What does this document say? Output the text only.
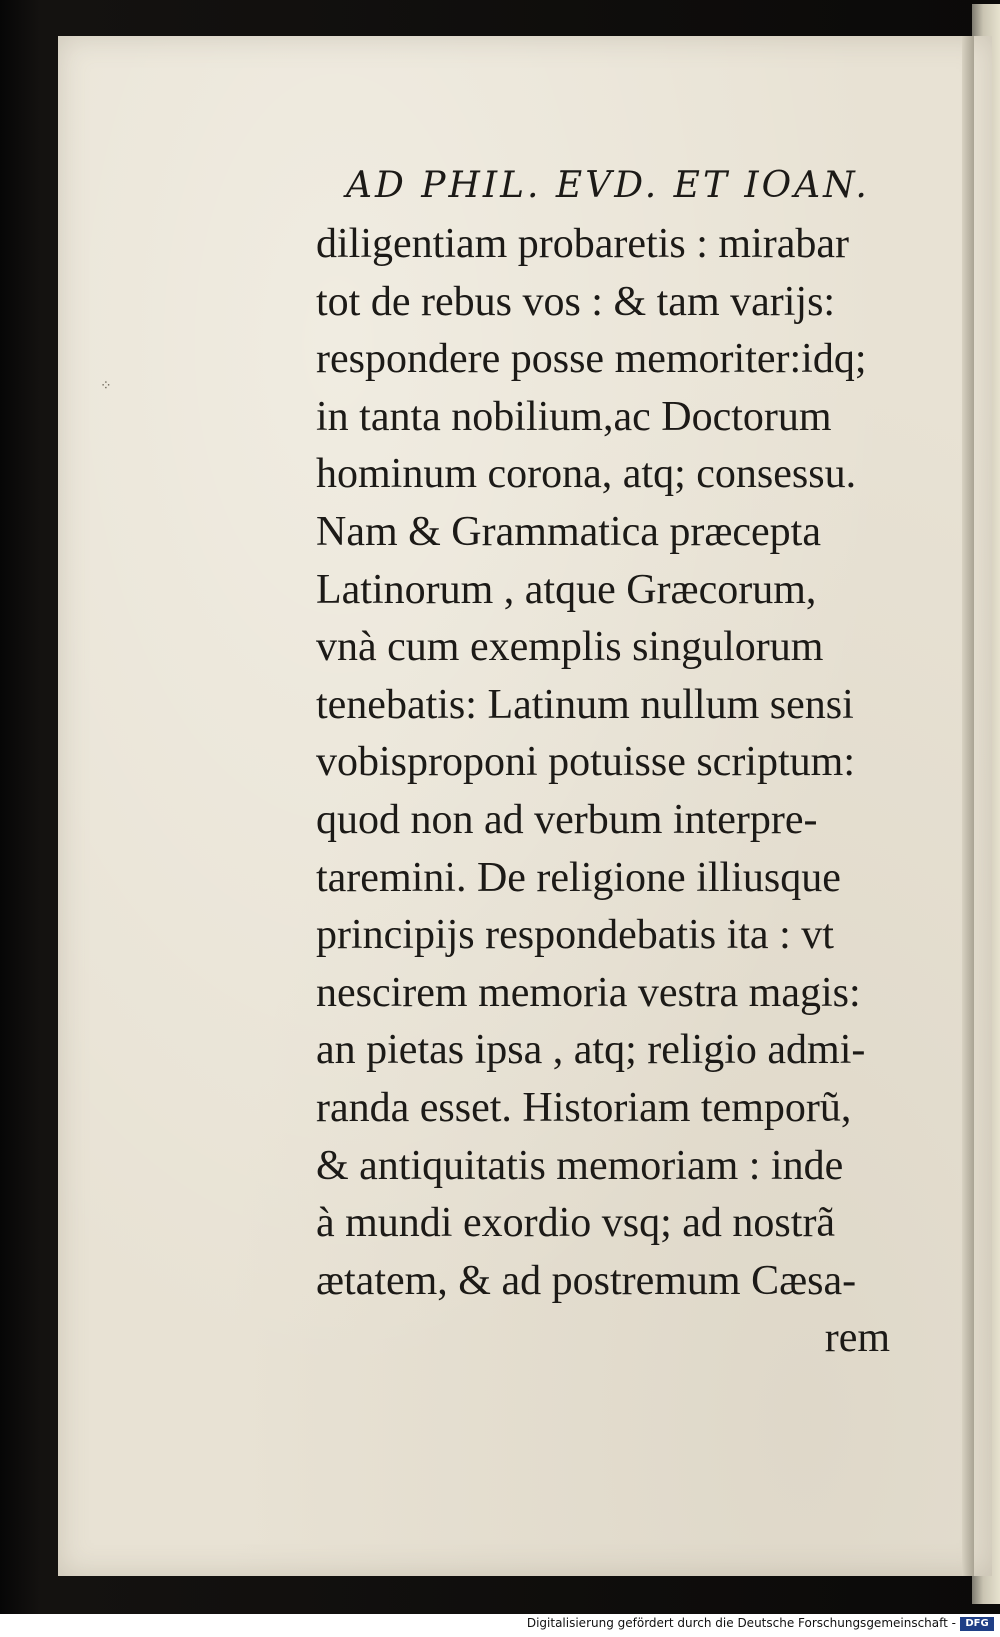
⁘
AD PHIL. EVD. ET IOAN.
diligentiam probaretis : mirabar
tot de rebus vos : & tam varijs:
respondere posse memoriter:idq;
in tanta nobilium,ac Doctorum
hominum corona, atq; consessu.
Nam & Grammatica præcepta
Latinorum , atque Græcorum,
vnà cum exemplis singulorum
tenebatis: Latinum nullum sensi
vobisproponi potuisse scriptum:
quod non ad verbum interpre-
taremini. De religione illiusque
principijs respondebatis ita : vt
nescirem memoria vestra magis:
an pietas ipsa , atq; religio admi-
randa esset. Historiam temporũ,
& antiquitatis memoriam : inde
à mundi exordio vsq; ad nostrã
ætatem, & ad postremum Cæsa-
rem
Digitalisierung gefördert durch die Deutsche Forschungsgemeinschaft - DFG
